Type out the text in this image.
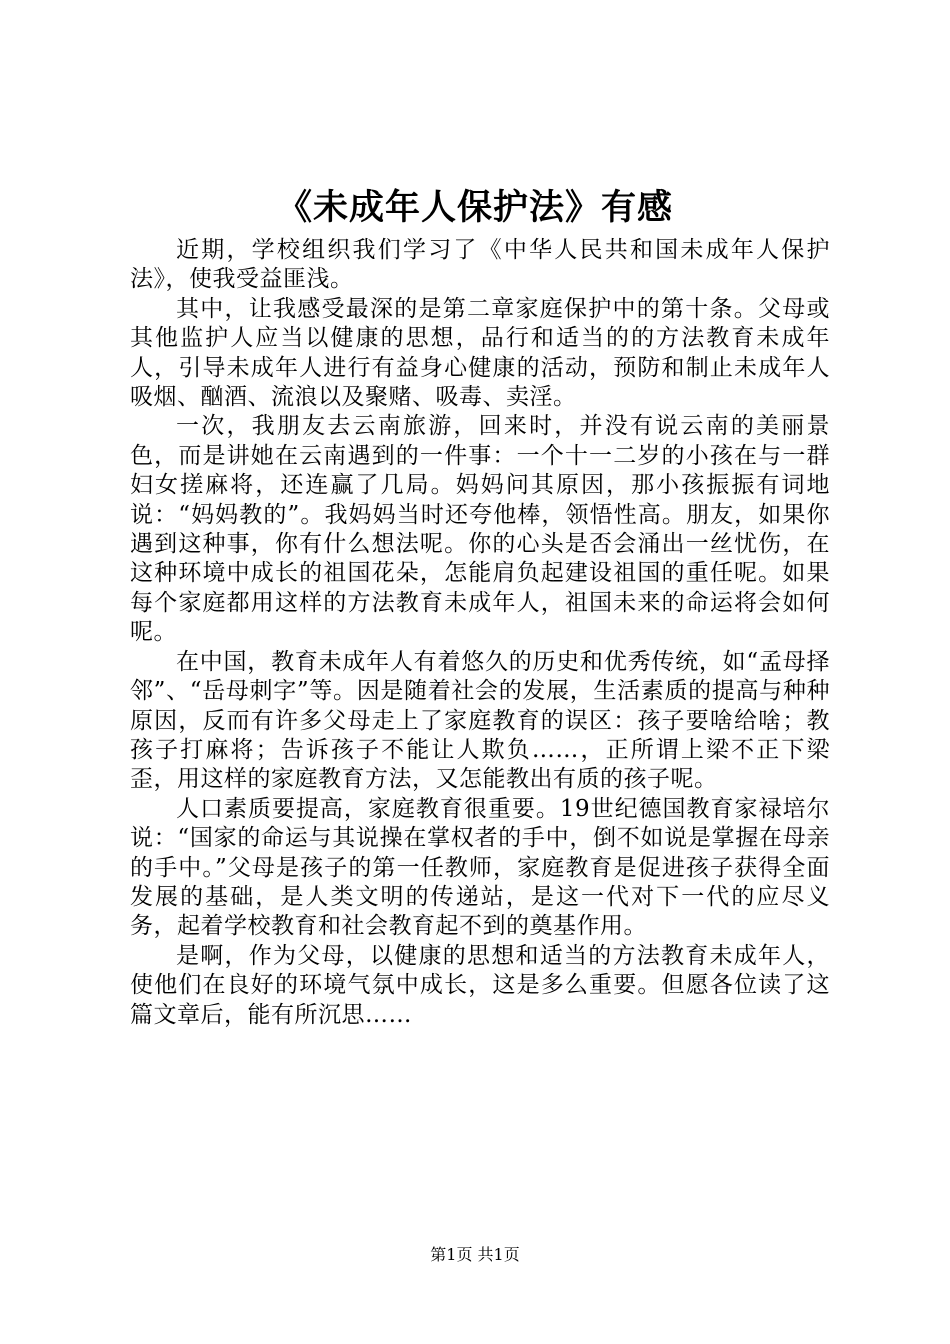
《未成年人保护法》有感

近期，学校组织我们学习了《中华人民共和国未成年人保护法》，使我受益匪浅。

其中，让我感受最深的是第二章家庭保护中的第十条。父母或其他监护人应当以健康的思想，品行和适当的的方法教育未成年人，引导未成年人进行有益身心健康的活动，预防和制止未成年人吸烟、酗酒、流浪以及聚赌、吸毒、卖淫。

一次，我朋友去云南旅游，回来时，并没有说云南的美丽景色，而是讲她在云南遇到的一件事：一个十一二岁的小孩在与一群妇女搓麻将，还连赢了几局。妈妈问其原因，那小孩振振有词地说：“妈妈教的”。我妈妈当时还夸他棒，领悟性高。朋友，如果你遇到这种事，你有什么想法呢。你的心头是否会涌出一丝忧伤，在这种环境中成长的祖国花朵，怎能肩负起建设祖国的重任呢。如果每个家庭都用这样的方法教育未成年人，祖国未来的命运将会如何呢。

在中国，教育未成年人有着悠久的历史和优秀传统，如“孟母择邻”、“岳母刺字”等。因是随着社会的发展，生活素质的提高与种种原因，反而有许多父母走上了家庭教育的误区：孩子要啥给啥；教孩子打麻将；告诉孩子不能让人欺负……，正所谓上梁不正下梁歪，用这样的家庭教育方法，又怎能教出有质的孩子呢。

人口素质要提高，家庭教育很重要。19世纪德国教育家禄培尔说：“国家的命运与其说操在掌权者的手中，倒不如说是掌握在母亲的手中。”父母是孩子的第一任教师，家庭教育是促进孩子获得全面发展的基础，是人类文明的传递站，是这一代对下一代的应尽义务，起着学校教育和社会教育起不到的奠基作用。

是啊，作为父母，以健康的思想和适当的方法教育未成年人，使他们在良好的环境气氛中成长，这是多么重要。但愿各位读了这篇文章后，能有所沉思……

第1页 共1页
